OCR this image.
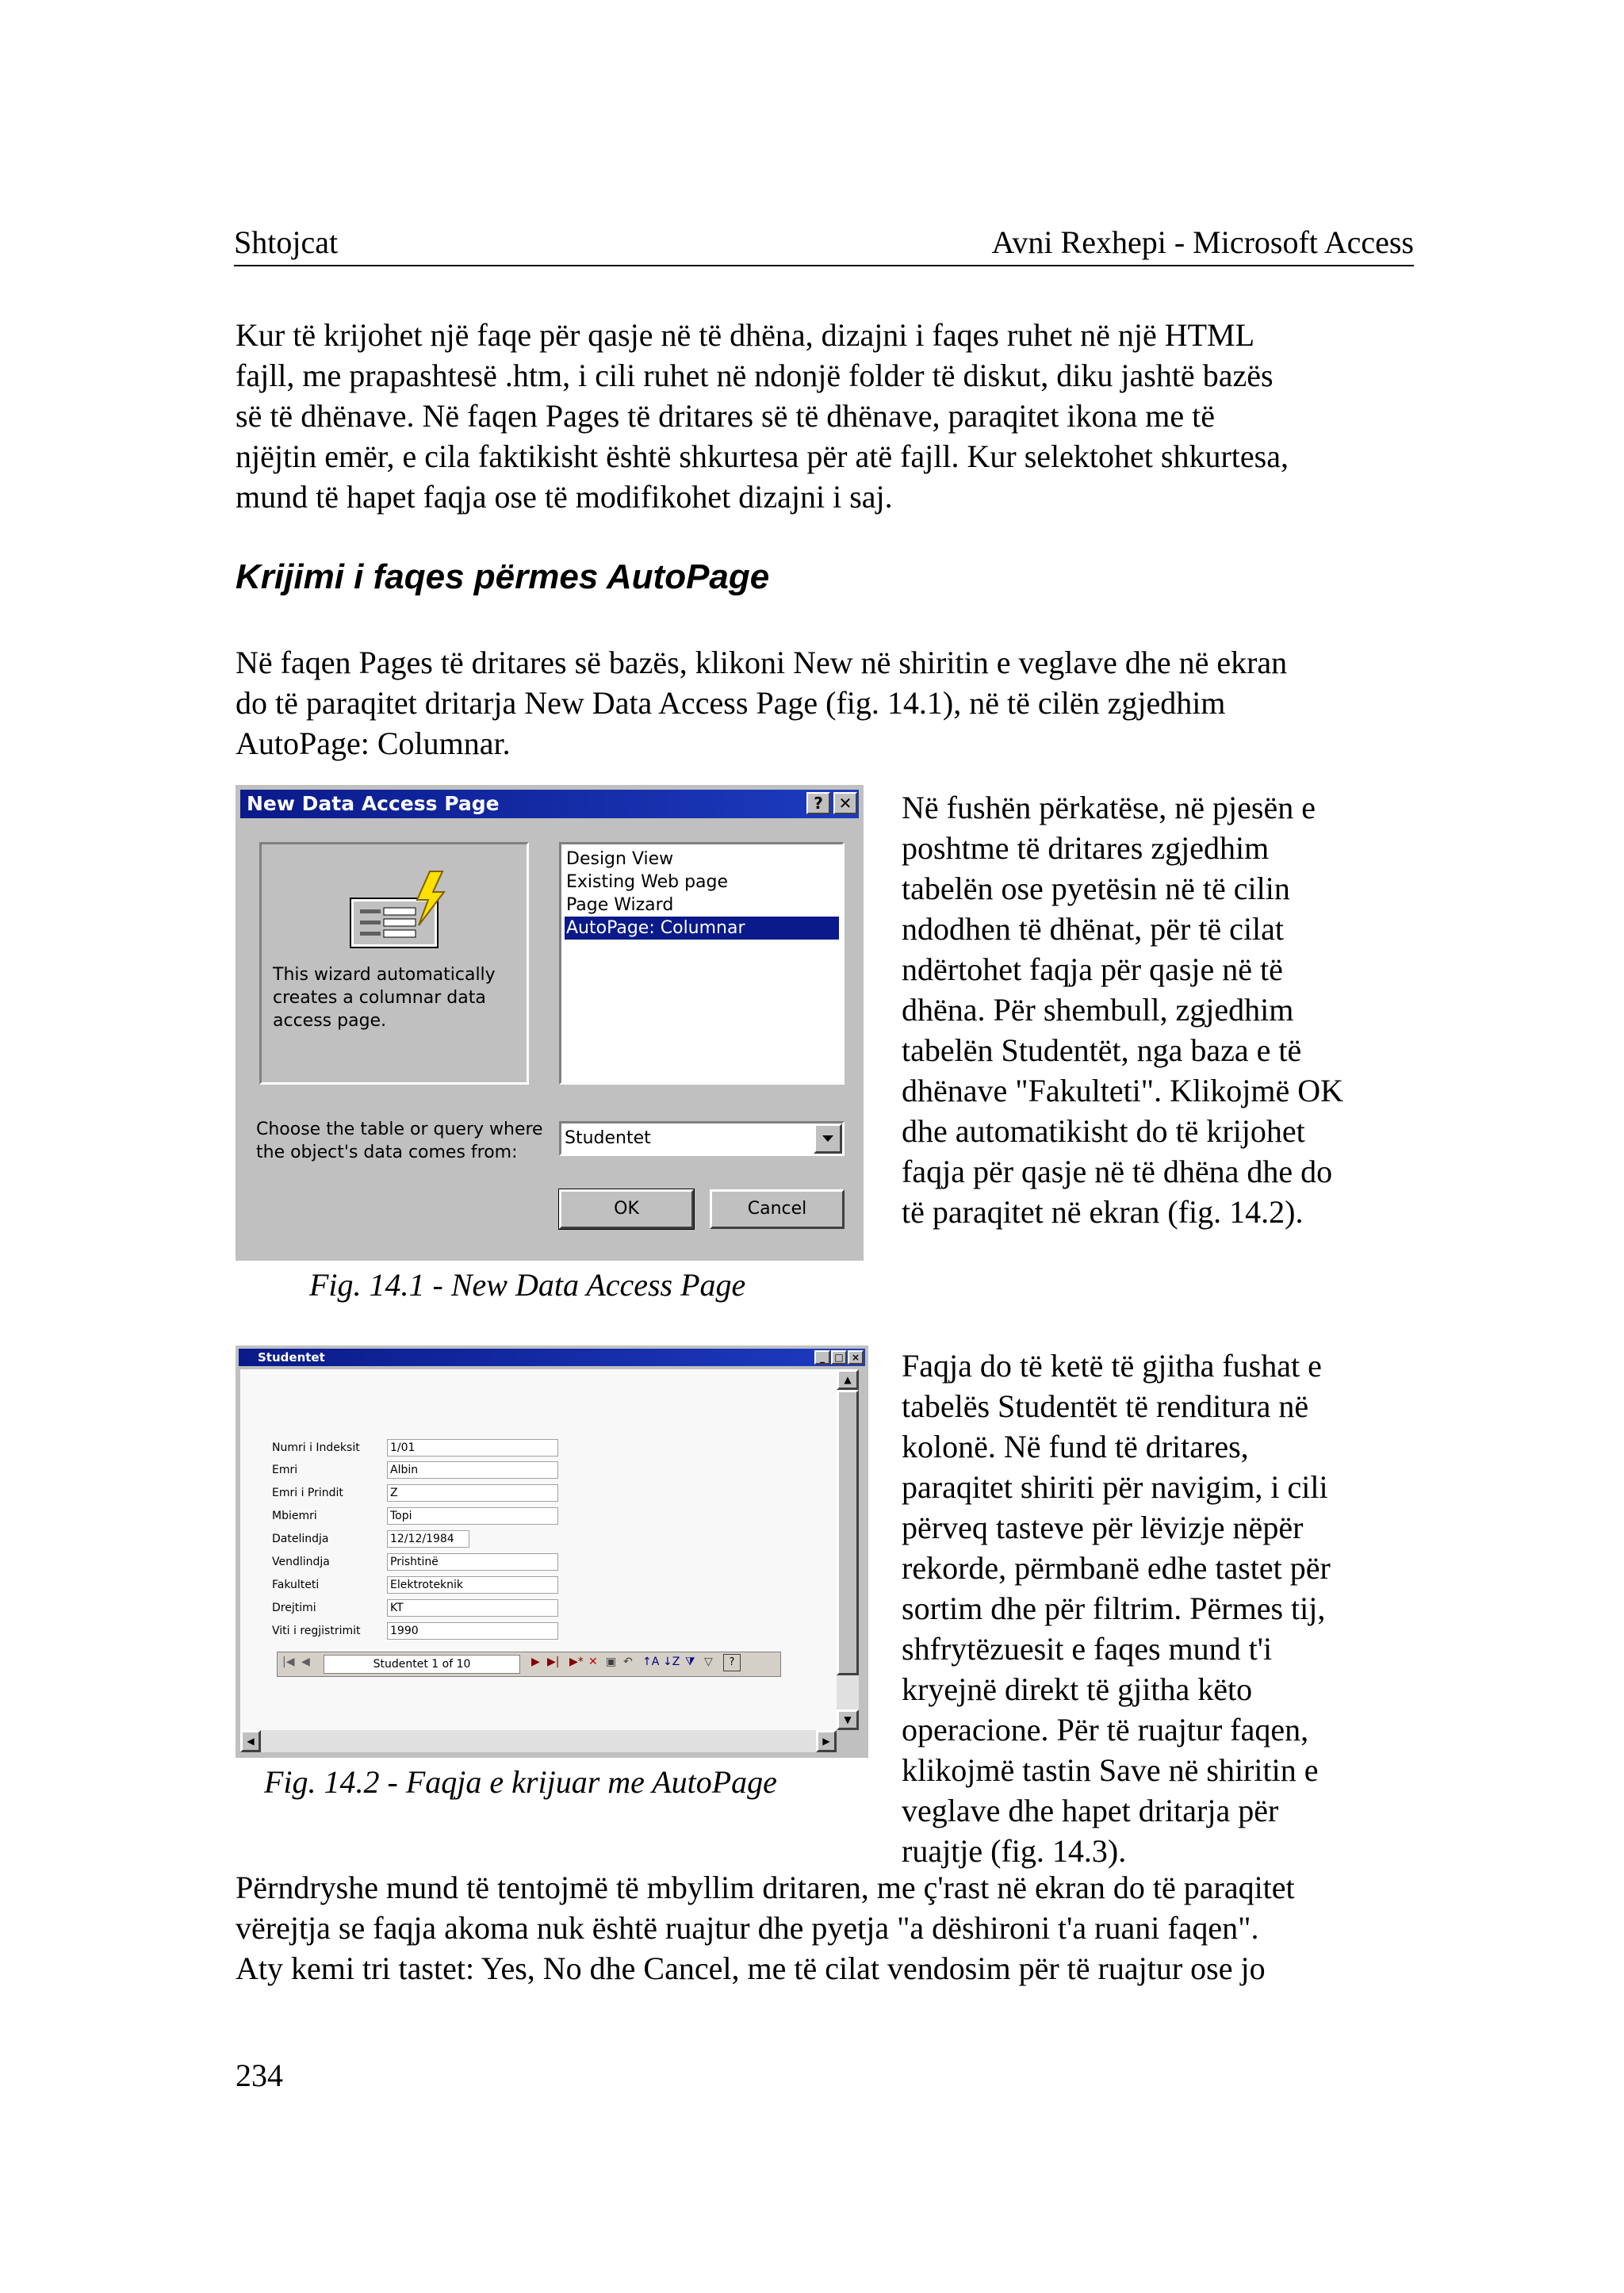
Shtojcat	Avni Rexhepi - Microsoft Access
Kur të krijohet një faqe për qasje në të dhëna, dizajni i faqes ruhet në një HTML
fajll, me prapashtesë .htm, i cili ruhet në ndonjë folder të diskut, diku jashtë bazës
së të dhënave. Në faqen Pages të dritares së të dhënave, paraqitet ikona me të
njëjtin emër, e cila faktikisht është shkurtesa për atë fajll. Kur selektohet shkurtesa,
mund të hapet faqja ose të modifikohet dizajni i saj.
Krijimi i faqes përmes AutoPage
Në faqen Pages të dritares së bazës, klikoni New në shiritin e veglave dhe në ekran
do të paraqitet dritarja New Data Access Page (fig. 14.1), në të cilën zgjedhim
AutoPage: Columnar.
New Data Access Page	? ✕
This wizard automatically
creates a columnar data
access page.
Design View
Existing Web page
Page Wizard
AutoPage: Columnar
Choose the table or query where
the object's data comes from:
Studentet
OK	Cancel
Fig. 14.1 - New Data Access Page
Në fushën përkatëse, në pjesën e
poshtme të dritares zgjedhim
tabelën ose pyetësin në të cilin
ndodhen të dhënat, për të cilat
ndërtohet faqja për qasje në të
dhëna. Për shembull, zgjedhim
tabelën Studentët, nga baza e të
dhënave "Fakulteti". Klikojmë OK
dhe automatikisht do të krijohet
faqja për qasje në të dhëna dhe do
të paraqitet në ekran (fig. 14.2).
Studentet	_	□ ×
Numri i Indeksit	1/01
Emri	Albin
Emri i Prindit	Z
Mbiemri	Topi
Datelindja	12/12/1984
Vendlindja	Prishtinë
Fakulteti	Elektroteknik
Drejtimi	KT
Viti i regjistrimit	1990
|◀ ◀	Studentet 1 of 10	▶ ▶| ▶* ✕ ▣ ↶ ↑A ↓Z ⧩ ▽	?
▲
▼
◀	▶
Fig. 14.2 - Faqja e krijuar me AutoPage
Faqja do të ketë të gjitha fushat e
tabelës Studentët të renditura në
kolonë. Në fund të dritares,
paraqitet shiriti për navigim, i cili
përveq tasteve për lëvizje nëpër
rekorde, përmbanë edhe tastet për
sortim dhe për filtrim. Përmes tij,
shfrytëzuesit e faqes mund t'i
kryejnë direkt të gjitha këto
operacione. Për të ruajtur faqen,
klikojmë tastin Save në shiritin e
veglave dhe hapet dritarja për
ruajtje (fig. 14.3).
Përndryshe mund të tentojmë të mbyllim dritaren, me ç'rast në ekran do të paraqitet
vërejtja se faqja akoma nuk është ruajtur dhe pyetja "a dëshironi t'a ruani faqen".
Aty kemi tri tastet: Yes, No dhe Cancel, me të cilat vendosim për të ruajtur ose jo
234
